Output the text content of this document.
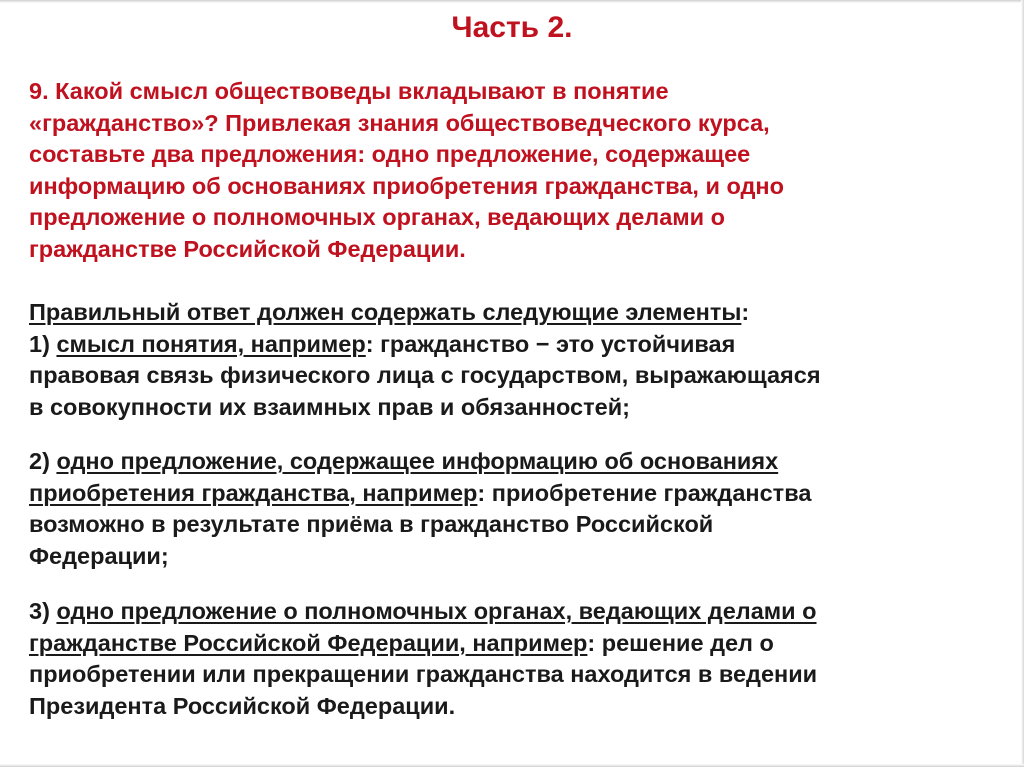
Часть 2.
9. Какой смысл обществоведы вкладывают в понятие
«гражданство»? Привлекая знания обществоведческого курса,
составьте два предложения: одно предложение, содержащее
информацию об основаниях приобретения гражданства, и одно
предложение о полномочных органах, ведающих делами о
гражданстве Российской Федерации.
Правильный ответ должен содержать следующие элементы:
1) смысл понятия, например: гражданство − это устойчивая
правовая связь физического лица с государством, выражающаяся
в совокупности их взаимных прав и обязанностей;
2) одно предложение, содержащее информацию об основаниях
приобретения гражданства, например: приобретение гражданства
возможно в результате приёма в гражданство Российской
Федерации;
3) одно предложение о полномочных органах, ведающих делами о
гражданстве Российской Федерации, например: решение дел о
приобретении или прекращении гражданства находится в ведении
Президента Российской Федерации.
